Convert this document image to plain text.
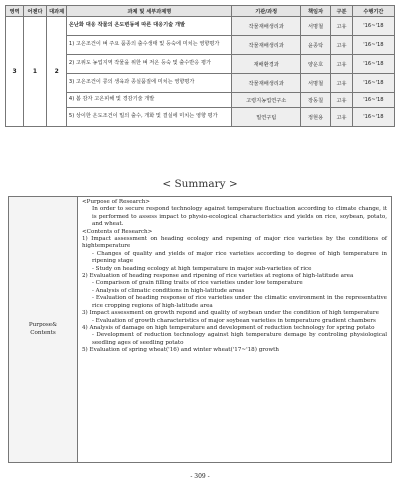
영역	어젠다	대과제	과제 및 세부과제명	기관/과정	책임자	구분	수행기간
3	1	2	온난화 대응 작물의 온도변동에 따른 대응기술 개발	작물재배생리과	서명철	고유	'16~'18
			1) 고온조건이 벼 주요 품종의 출수생태 및 등숙에 미치는 영향평가	작물재배생리과	윤종탁	고유	'16~'18
			2) 고위도 농업지역 작물을 위한 벼 저온 등숙 및 출수반응 평가	재배환경과	양운호	고유	'16~'18
			3) 고온조건이 콩의 생육과 종실품질에 미치는 영향평가	작물재배생리과	서명철	고유	'16~'18
			4) 봄 감자 고온피해 및 경감기술 개발	고령지농업연구소	장동칠	고유	'16~'18
			5) 상이한 온도조건이 밀의 출수, 개화 및 결실에 미치는 영향 평가	밀연구팀	정현용	고유	'16~'18
< Summary >
Purpose&
Contents

<Purpose of Research>
In order to secure respond technology against temperature fluctuation according to climate change, it is performed to assess impact to physio-ecological characteristics and yields on rice, soybean, potato, and wheat.
<Contents of Research>
1) Impact assessment on heading ecology and repening of major rice varieties by the conditions of hightemperature
- Changes of quality and yields of major rice varieties according to degree of high temperature in ripening stage
- Study on heading ecology at high temperature in major sub-varieties of rice
2) Evaluation of heading response and ripening of rice varieties at regions of high-latitude area
- Comparison of grain filling traits of rice varieties under low temperature
- Analysis of climatic conditions in high-latitude areas
- Evaluation of heading response of rice varieties under the climatic environment in the representative rice cropping regions of high-latitude area
3) Impact assessment on growth repond and quality of soybean under the condition of high temperature
- Evaluation of growth characteristics of major soybean varieties in temperature gradient chambers
4) Analysis of damage on high temperature and development of reduction technology for spring potato
- Development of reduction technology against high temperature demage by controling physiological seedling ages of seedling potato
5) Evaluation of spring wheat('16) and winter wheat('17~'18) growth
- 309 -
